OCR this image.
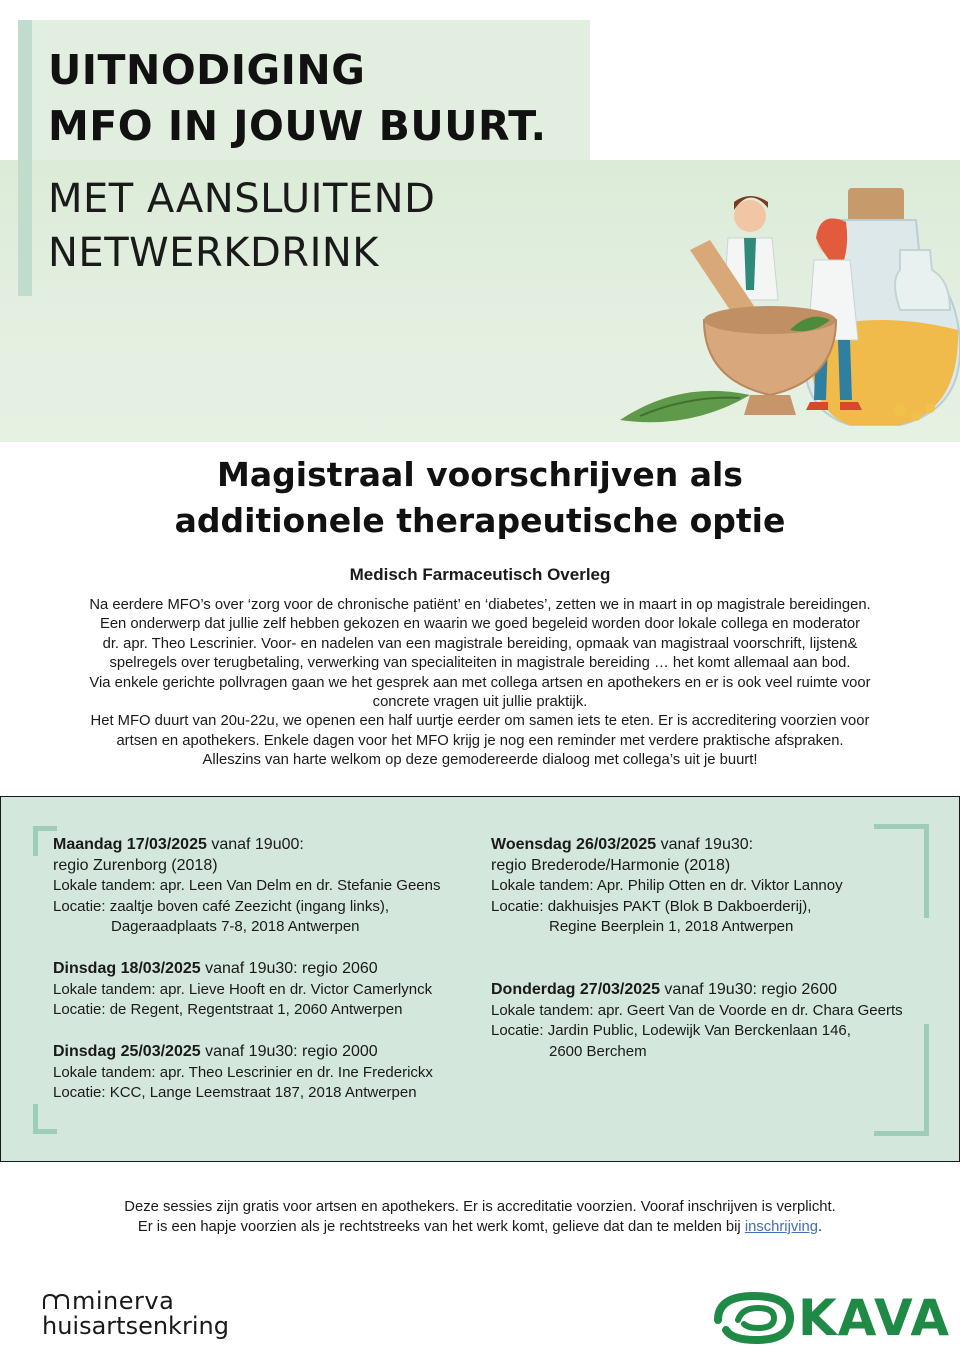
UITNODIGING
MFO IN JOUW BUURT.
MET AANSLUITEND
NETWERKDRINK
Magistraal voorschrijven als
additionele therapeutische optie
Medisch Farmaceutisch Overleg

Na eerdere MFO’s over ‘zorg voor de chronische patiënt’ en ‘diabetes’, zetten we in maart in op magistrale bereidingen.

Een onderwerp dat jullie zelf hebben gekozen en waarin we goed begeleid worden door lokale collega en moderator

dr. apr. Theo Lescrinier. Voor- en nadelen van een magistrale bereiding, opmaak van magistraal voorschrift, lijsten&

spelregels over terugbetaling, verwerking van specialiteiten in magistrale bereiding … het komt allemaal aan bod.

Via enkele gerichte pollvragen gaan we het gesprek aan met collega artsen en apothekers en er is ook veel ruimte voor

concrete vragen uit jullie praktijk.

Het MFO duurt van 20u-22u, we openen een half uurtje eerder om samen iets te eten. Er is accreditering voorzien voor

artsen en apothekers. Enkele dagen voor het MFO krijg je nog een reminder met verdere praktische afspraken.

Alleszins van harte welkom op deze gemodereerde dialoog met collega’s uit je buurt!

Maandag 17/03/2025 vanaf 19u00:
regio Zurenborg (2018)
Lokale tandem: apr. Leen Van Delm en dr. Stefanie Geens
Locatie: zaaltje boven café Zeezicht (ingang links),
Dageraadplaats 7-8, 2018 Antwerpen
Dinsdag 18/03/2025 vanaf 19u30: regio 2060
Lokale tandem: apr. Lieve Hooft en dr. Victor Camerlynck
Locatie: de Regent, Regentstraat 1, 2060 Antwerpen
Dinsdag 25/03/2025 vanaf 19u30: regio 2000
Lokale tandem: apr. Theo Lescrinier en dr. Ine Frederickx
Locatie: KCC, Lange Leemstraat 187, 2018 Antwerpen
Woensdag 26/03/2025 vanaf 19u30:
regio Brederode/Harmonie (2018)
Lokale tandem: Apr. Philip Otten en dr. Viktor Lannoy
Locatie: dakhuisjes PAKT (Blok B Dakboerderij),
Regine Beerplein 1, 2018 Antwerpen
Donderdag 27/03/2025 vanaf 19u30: regio 2600
Lokale tandem: apr. Geert Van de Voorde en dr. Chara Geerts
Locatie: Jardin Public, Lodewijk Van Berckenlaan 146,
2600 Berchem
Deze sessies zijn gratis voor artsen en apothekers. Er is accreditatie voorzien. Vooraf inschrijven is verplicht.
Er is een hapje voorzien als je rechtstreeks van het werk komt, gelieve dat dan te melden bij inschrijving.
minerva
huisartsenkring	KAVA
